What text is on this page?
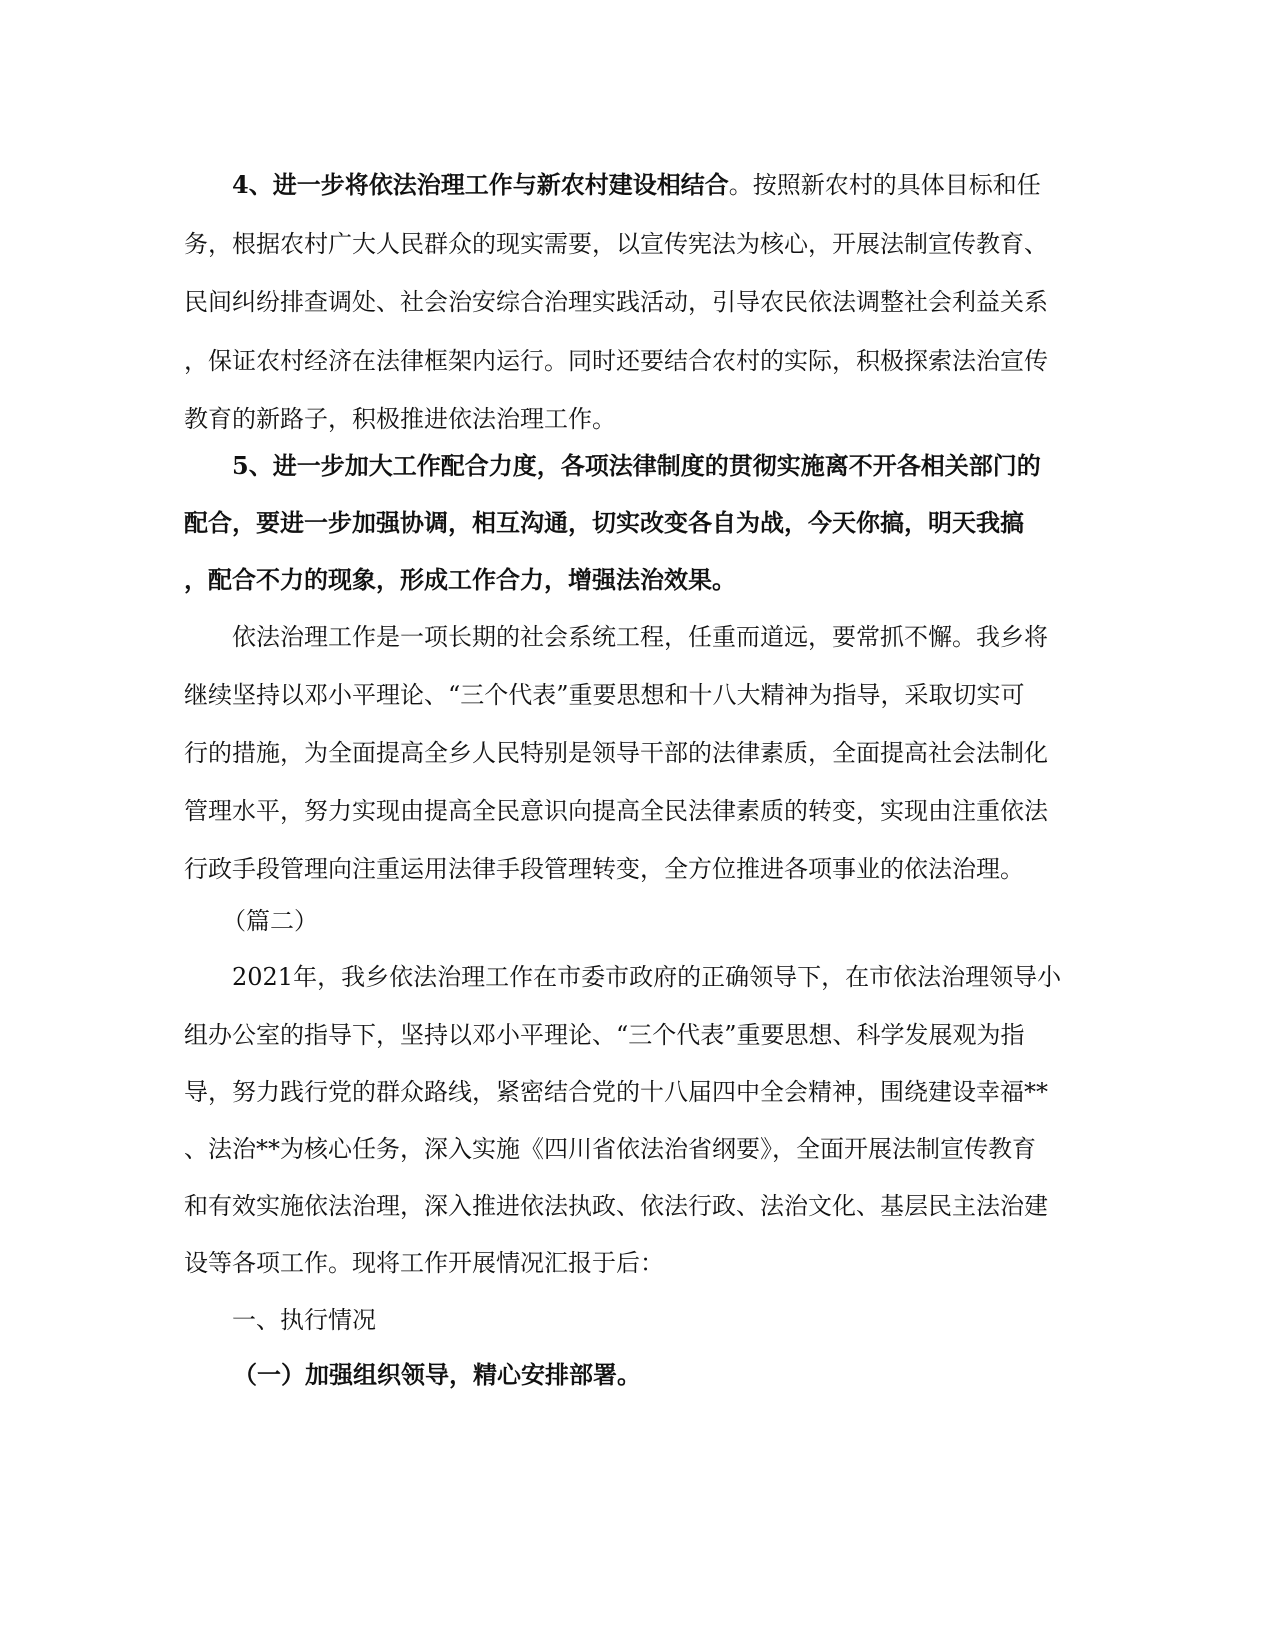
4、进一步将依法治理工作与新农村建设相结合。按照新农村的具体目标和任
务，根据农村广大人民群众的现实需要，以宣传宪法为核心，开展法制宣传教育、
民间纠纷排查调处、社会治安综合治理实践活动，引导农民依法调整社会利益关系
，保证农村经济在法律框架内运行。同时还要结合农村的实际，积极探索法治宣传
教育的新路子，积极推进依法治理工作。
5、进一步加大工作配合力度，各项法律制度的贯彻实施离不开各相关部门的
配合，要进一步加强协调，相互沟通，切实改变各自为战，今天你搞，明天我搞
，配合不力的现象，形成工作合力，增强法治效果。
依法治理工作是一项长期的社会系统工程，任重而道远，要常抓不懈。我乡将
继续坚持以邓小平理论、“三个代表”重要思想和十八大精神为指导，采取切实可
行的措施，为全面提高全乡人民特别是领导干部的法律素质，全面提高社会法制化
管理水平，努力实现由提高全民意识向提高全民法律素质的转变，实现由注重依法
行政手段管理向注重运用法律手段管理转变，全方位推进各项事业的依法治理。
（篇二）
2021年，我乡依法治理工作在市委市政府的正确领导下，在市依法治理领导小
组办公室的指导下，坚持以邓小平理论、“三个代表”重要思想、科学发展观为指
导，努力践行党的群众路线，紧密结合党的十八届四中全会精神，围绕建设幸福**
、法治**为核心任务，深入实施《四川省依法治省纲要》，全面开展法制宣传教育
和有效实施依法治理，深入推进依法执政、依法行政、法治文化、基层民主法治建
设等各项工作。现将工作开展情况汇报于后：
一、执行情况
（一）加强组织领导，精心安排部署。
